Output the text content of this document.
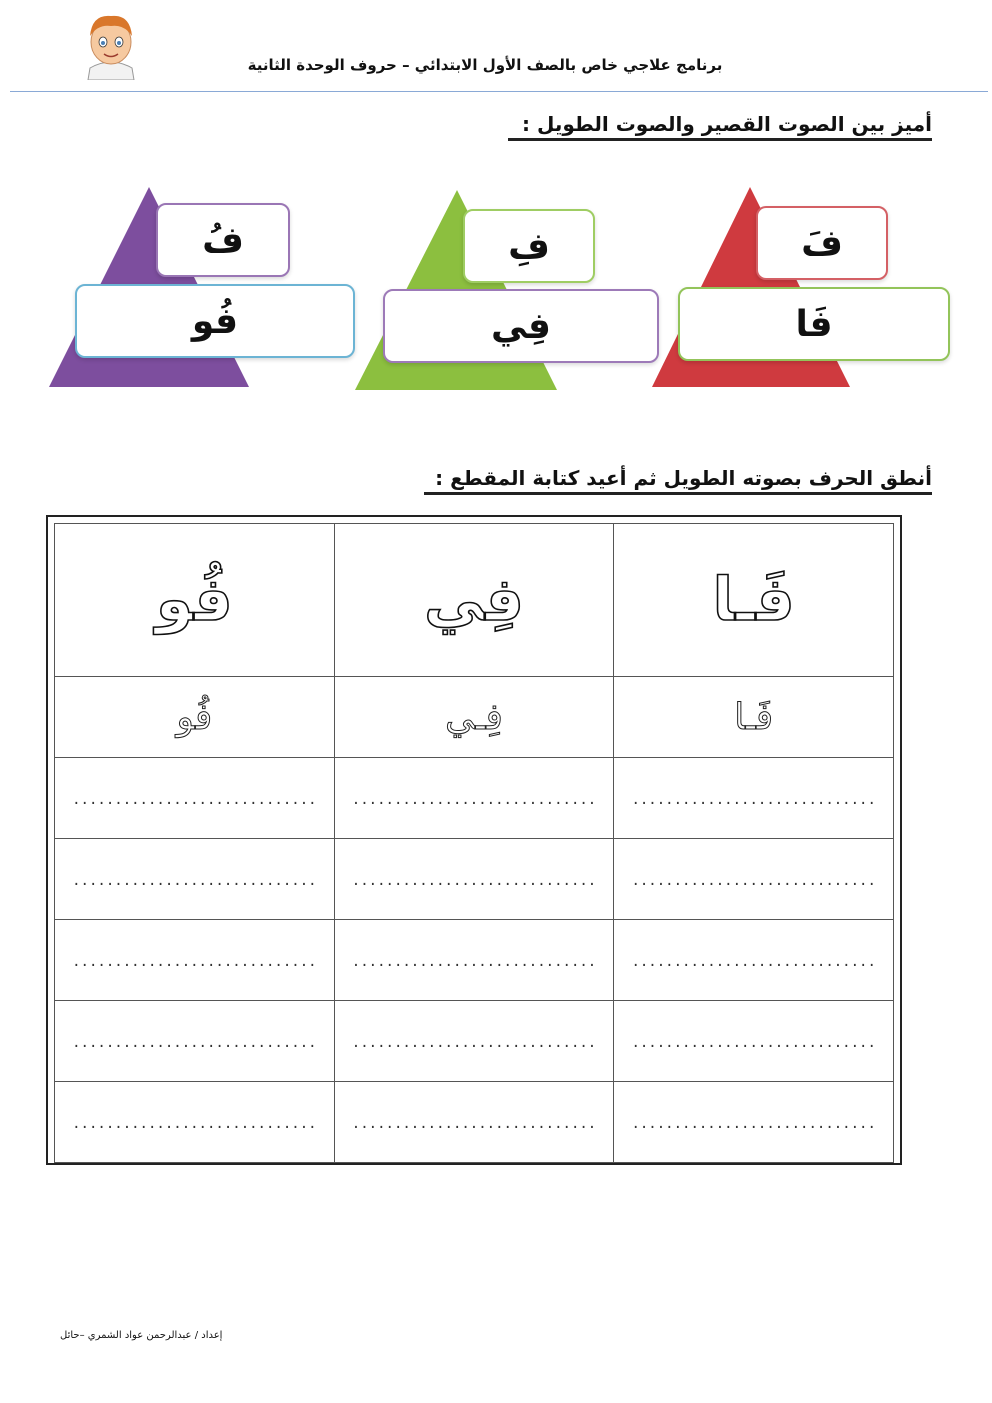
برنامج علاجي خاص بالصف الأول الابتدائي – حروف الوحدة الثانية
أميز بين الصوت القصير والصوت الطويل :
فَ
فَا
فِ
فِي
فُ
فُو
أنطق الحرف بصوته الطويل ثم أعيد كتابة المقطع :
فَـا	فِي	فُو
فَـا	فِـي	فُو
.............................	.............................	.............................
.............................	.............................	.............................
.............................	.............................	.............................
.............................	.............................	.............................
.............................	.............................	.............................
إعداد / عبدالرحمن عواد الشمري –حائل
